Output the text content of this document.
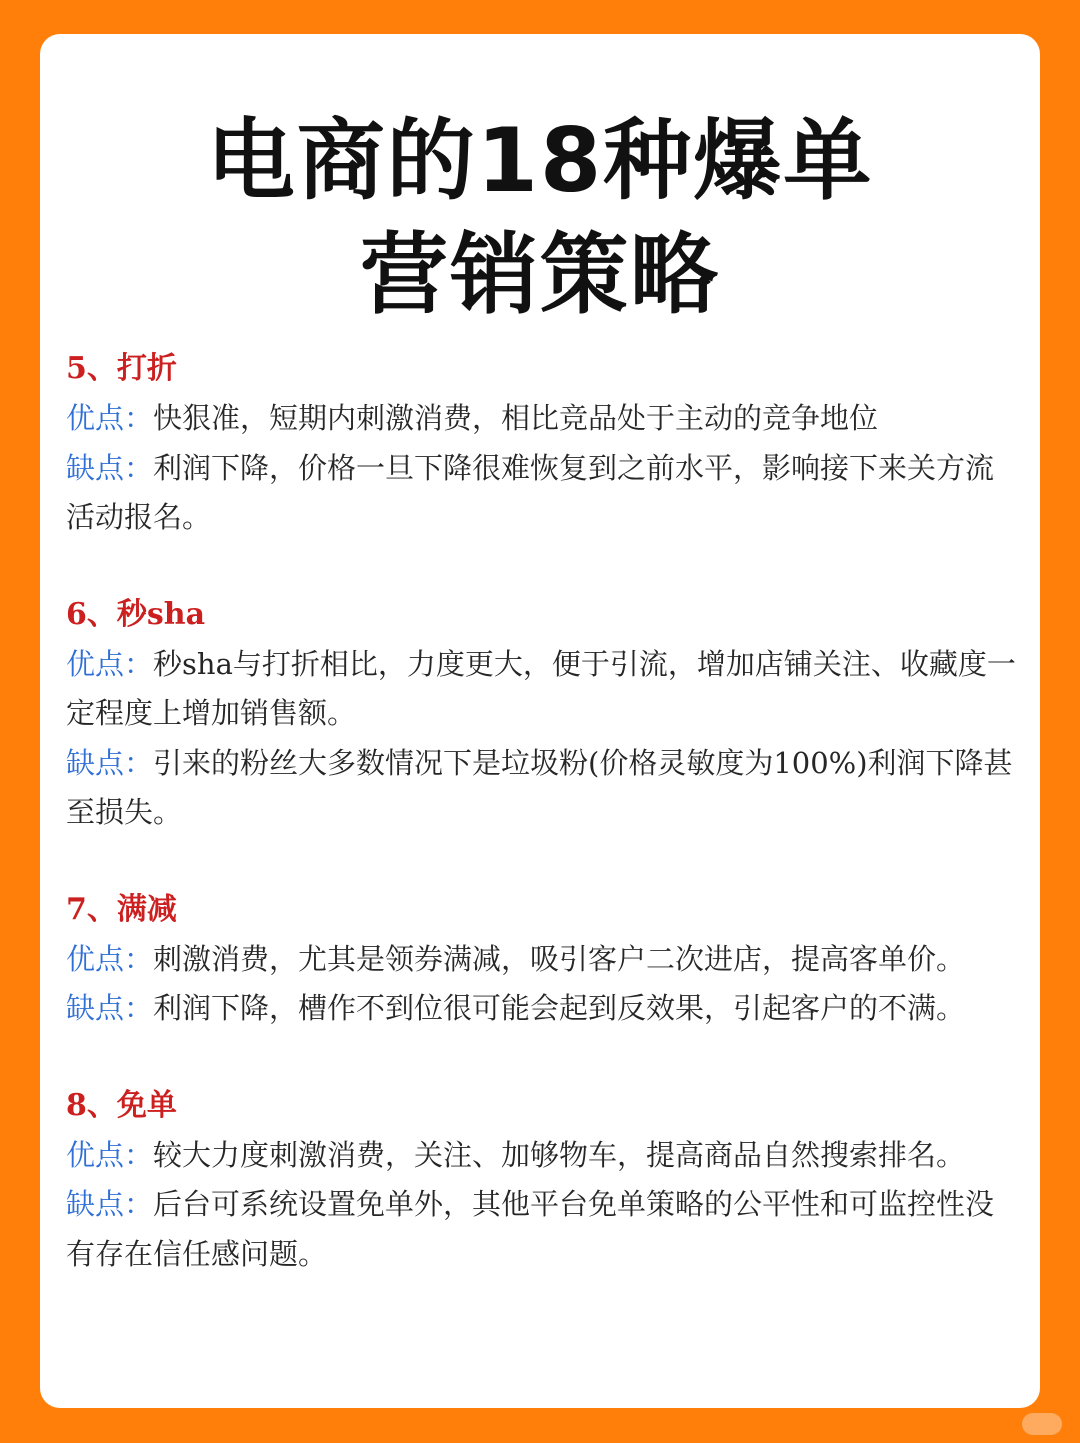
电商的18种爆单
营销策略
5、打折

优点：快狠准，短期内刺激消费，相比竞品处于主动的竞争地位

缺点：利润下降，价格一旦下降很难恢复到之前水平，影响接下来关方流活动报名。

6、秒sha

优点：秒sha与打折相比，力度更大，便于引流，增加店铺关注、收藏度一定程度上增加销售额。

缺点：引来的粉丝大多数情况下是垃圾粉(价格灵敏度为100%)利润下降甚至损失。

7、满减

优点：刺激消费，尤其是领券满减，吸引客户二次进店，提高客单价。

缺点：利润下降，槽作不到位很可能会起到反效果，引起客户的不满。

8、免单

优点：较大力度刺激消费，关注、加够物车，提高商品自然搜索排名。

缺点：后台可系统设置免单外，其他平台免单策略的公平性和可监控性没有存在信任感问题。
